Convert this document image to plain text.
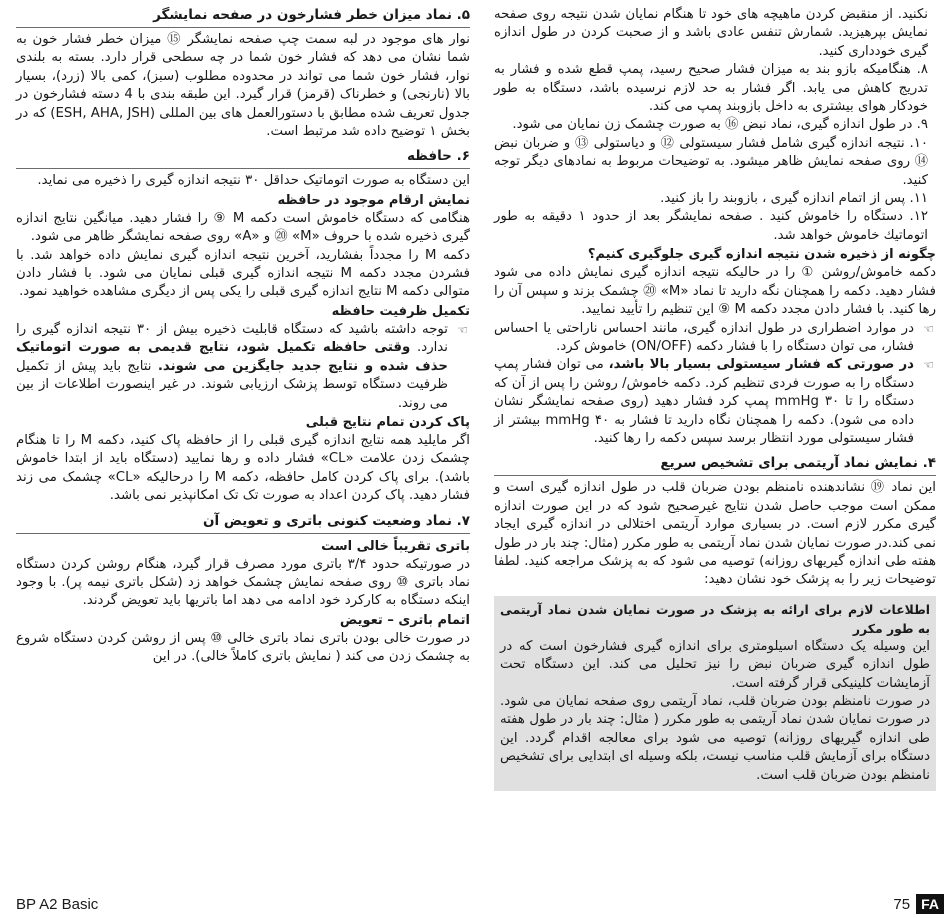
نکنید. از منقبض کردن ماهیچه های خود تا هنگام نمایان شدن نتیجه روی صفحه نمایش بپرهیزید. شمارش تنفس عادی باشد و از صحبت کردن در طول اندازه گیری خودداری کنید.

۸. هنگامیکه بازو بند به میزان فشار صحیح رسید، پمپ قطع شده و فشار به تدریج کاهش می یابد. اگر فشار به حد لازم نرسیده باشد، دستگاه به طور خودکار هوای بیشتری به داخل بازوبند پمپ می کند.

۹. در طول اندازه گیری، نماد نبض ⑯ به صورت چشمک زن نمایان می شود.

۱۰. نتیجه اندازه گیری شامل فشار سیستولی ⑫ و دیاستولی ⑬ و ضربان نبض ⑭ روی صفحه نمایش ظاهر میشود. به توضیحات مربوط به نمادهای دیگر توجه کنید.

۱۱. پس از اتمام اندازه گیری ، بازوبند را باز کنید.

۱۲. دستگاه را خاموش کنید . صفحه نمایشگر بعد از حدود ۱ دقیقه به طور اتوماتیك خاموش خواهد شد.

چگونه از ذخیره شدن نتیجه اندازه گیری جلوگیری کنیم؟

دکمه خاموش/روشن ① را در حالیکه نتیجه اندازه گیری نمایش داده می شود فشار دهید. دکمه را همچنان نگه دارید تا نماد «M» ⑳ چشمک بزند و سپس آن را رها کنید. با فشار دادن مجدد دکمه M ⑨ این تنظیم را تأیید نمایید.

☜
در موارد اضطراری در طول اندازه گیری، مانند احساس ناراحتی یا احساس فشار، می توان دستگاه را با فشار دکمه (ON/OFF) خاموش کرد.
☜
در صورتی که فشار سیستولی بسیار بالا باشد، می توان فشار پمپ دستگاه را به صورت فردی تنظیم کرد. دکمه خاموش/ روشن را پس از آن که دستگاه را تا ۳۰ mmHg پمپ کرد فشار دهید (روی صفحه نمایشگر نشان داده می شود). دکمه را همچنان نگاه دارید تا فشار به ۴۰ mmHg بیشتر از فشار سیستولی مورد انتظار برسد سپس دکمه را رها کنید.
۴. نمایش نماد آریتمی برای تشخیص سریع

این نماد ⑲ نشاندهنده نامنظم بودن ضربان قلب در طول اندازه گیری است و ممکن است موجب حاصل شدن نتایج غیرصحیح شود که در این صورت اندازه گیری مکرر لازم است. در بسیاری موارد آریتمی اختلالی در اندازه گیری ایجاد نمی کند.در صورت نمایان شدن نماد آریتمی به طور مکرر (مثال: چند بار در طول هفته طی اندازه گیریهای روزانه) توصیه می شود که به پزشک مراجعه کنید. لطفا توضیحات زیر را به پزشک خود نشان دهید:

اطلاعات لازم برای ارائه به پزشک در صورت نمایان شدن نماد آریتمی به طور مکرر

این وسیله یک دستگاه اسیلومتری برای اندازه گیری فشارخون است که در طول اندازه گیری ضربان نبض را نیز تحلیل می کند. این دستگاه تحت آزمایشات کلینیکی قرار گرفته است.

در صورت نامنظم بودن ضربان قلب، نماد آریتمی روی صفحه نمایان می شود. در صورت نمایان شدن نماد آریتمی به طور مکرر ( مثال: چند بار در طول هفته طی اندازه گیریهای روزانه) توصیه می شود برای معالجه اقدام گردد. این دستگاه برای آزمایش قلب مناسب نیست، بلکه وسیله ای ابتدایی برای تشخیص نامنظم بودن ضربان قلب است.

۵. نماد میزان خطر فشارخون در صفحه نمایشگر

نوار های موجود در لبه سمت چپ صفحه نمایشگر ⑮ میزان خطر فشار خون به شما نشان می دهد که فشار خون شما در چه سطحی قرار دارد. بسته به بلندی نوار، فشار خون شما می تواند در محدوده مطلوب (سبز)، کمی بالا (زرد)، بسیار بالا (نارنجی) و خطرناک (قرمز) قرار گیرد. این طبقه بندی با 4 دسته فشارخون در جدول تعریف شده مطابق با دستورالعمل های بین المللی (ESH, AHA, JSH) که در بخش ۱ توضیح داده شد مرتبط است.

۶. حافظه

این دستگاه به صورت اتوماتیک حداقل ۳۰ نتیجه اندازه گیری را ذخیره می نماید.

نمایش ارقام موجود در حافظه

هنگامی که دستگاه خاموش است دکمه M ⑨ را فشار دهید. میانگین نتایج اندازه گیری ذخیره شده با حروف «M» ⑳ و «A» روی صفحه نمایشگر ظاهر می شود.

دکمه M را مجدداً بفشارید، آخرین نتیجه اندازه گیری نمایش داده خواهد شد. با فشردن مجدد دکمه M نتیجه اندازه گیری قبلی نمایان می شود. با فشار دادن متوالی دکمه M نتایج اندازه گیری قبلی را یکی پس از دیگری مشاهده خواهید نمود.

تکمیل ظرفیت حافظه
☜
توجه داشته باشید که دستگاه قابلیت ذخیره بیش از ۳۰ نتیجه اندازه گیری را ندارد. وقتی حافظه تکمیل شود، نتایج قدیمی به صورت اتوماتیک حذف شده و نتایج جدید جایگزین می شوند. نتایج باید پیش از تکمیل ظرفیت دستگاه توسط پزشک ارزیابی شوند. در غیر اینصورت اطلاعات از بین می روند.
پاک کردن تمام نتایج قبلی

اگر مایلید همه نتایج اندازه گیری قبلی را از حافظه پاک کنید، دکمه M را تا هنگام چشمک زدن علامت «CL» فشار داده و رها نمایید (دستگاه باید از ابتدا خاموش باشد). برای پاک کردن کامل حافظه، دکمه M را درحالیکه «CL» چشمک می زند فشار دهید. پاک کردن اعداد به صورت تک تک امکانپذیر نمی باشد.

۷. نماد وضعیت کنونی باتری و تعویض آن
باتری تقریباً خالی است

در صورتیکه حدود ۳/۴ باتری مورد مصرف قرار گیرد، هنگام روشن کردن دستگاه نماد باتری ⑩ روی صفحه نمایش چشمک خواهد زد (شکل باتری نیمه پر). با وجود اینکه دستگاه به کارکرد خود ادامه می دهد اما باتریها باید تعویض گردند.

اتمام باتری – تعویض

در صورت خالی بودن باتری نماد باتری خالی ⑩ پس از روشن کردن دستگاه شروع به چشمک زدن می کند ( نمایش باتری کاملاً خالی). در این

BP A2 Basic	75 FA
